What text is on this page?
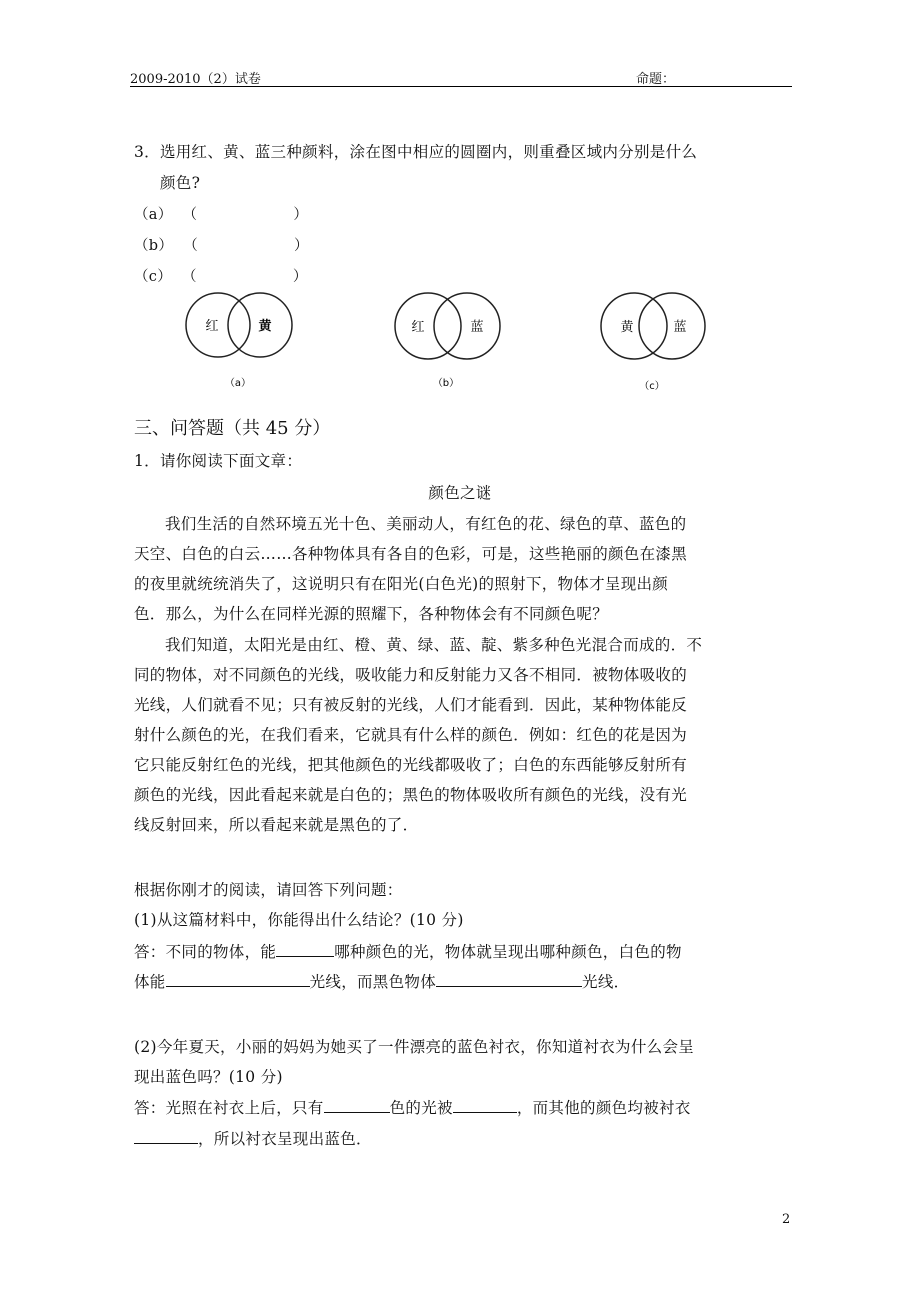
2009-2010（2）试卷	命题：
3．选用红、黄、蓝三种颜料，涂在图中相应的圆圈内，则重叠区域内分别是什么
颜色?
（a） （	）
（b） （	）
（c） （	）
红	黄
（a）
红	蓝
（b）
黄	蓝
（c）
三、问答题（共 45 分）
1．请你阅读下面文章：
颜色之谜
我们生活的自然环境五光十色、美丽动人，有红色的花、绿色的草、蓝色的
天空、白色的白云……各种物体具有各自的色彩，可是，这些艳丽的颜色在漆黑
的夜里就统统消失了，这说明只有在阳光(白色光)的照射下，物体才呈现出颜
色．那么，为什么在同样光源的照耀下，各种物体会有不同颜色呢？
我们知道，太阳光是由红、橙、黄、绿、蓝、靛、紫多种色光混合而成的．不
同的物体，对不同颜色的光线，吸收能力和反射能力又各不相同．被物体吸收的
光线，人们就看不见；只有被反射的光线，人们才能看到．因此，某种物体能反
射什么颜色的光，在我们看来，它就具有什么样的颜色．例如：红色的花是因为
它只能反射红色的光线，把其他颜色的光线都吸收了；白色的东西能够反射所有
颜色的光线，因此看起来就是白色的；黑色的物体吸收所有颜色的光线，没有光
线反射回来，所以看起来就是黑色的了．
根据你刚才的阅读，请回答下列问题：
(1)从这篇材料中，你能得出什么结论？(10 分)
答：不同的物体，能	哪种颜色的光，物体就呈现出哪种颜色，白色的物
体能	光线，而黑色物体	光线．
(2)今年夏天，小丽的妈妈为她买了一件漂亮的蓝色衬衣，你知道衬衣为什么会呈
现出蓝色吗？(10 分)
答：光照在衬衣上后，只有	色的光被	，而其他的颜色均被衬衣
，所以衬衣呈现出蓝色．
2
